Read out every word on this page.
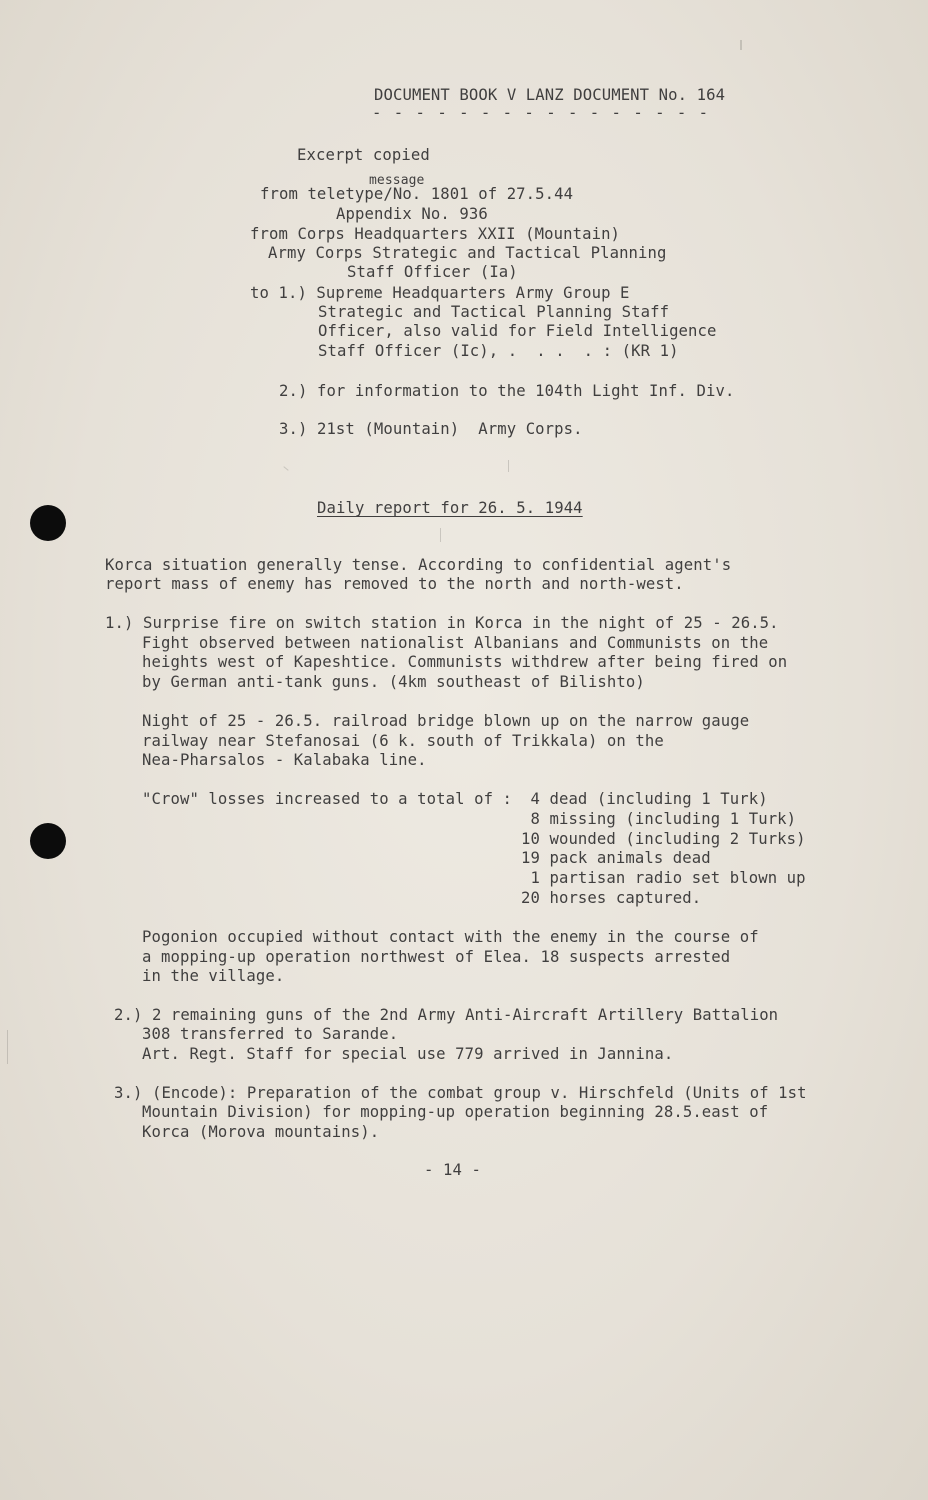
DOCUMENT BOOK V LANZ DOCUMENT No. 164
- - - - - - - - - - - - - - - -
Excerpt copied
message
from teletype/No. 1801 of 27.5.44
Appendix No. 936
from Corps Headquarters XXII (Mountain)
Army Corps Strategic and Tactical Planning
Staff Officer (Ia)
to 1.) Supreme Headquarters Army Group E
Strategic and Tactical Planning Staff
Officer, also valid for Field Intelligence
Staff Officer (Ic), .  . .  . : (KR 1)
2.) for information to the 104th Light Inf. Div.
3.) 21st (Mountain)  Army Corps.
Daily report for 26. 5. 1944
Korca situation generally tense. According to confidential agent's
report mass of enemy has removed to the north and north-west.
1.) Surprise fire on switch station in Korca in the night of 25 - 26.5.
Fight observed between nationalist Albanians and Communists on the
heights west of Kapeshtice. Communists withdrew after being fired on
by German anti-tank guns. (4km southeast of Bilishto)
Night of 25 - 26.5. railroad bridge blown up on the narrow gauge
railway near Stefanosai (6 k. south of Trikkala) on the
Nea-Pharsalos - Kalabaka line.
"Crow" losses increased to a total of : 4 dead (including 1 Turk)
8 missing (including 1 Turk)
10 wounded (including 2 Turks)
19 pack animals dead
1 partisan radio set blown up
20 horses captured.
Pogonion occupied without contact with the enemy in the course of
a mopping-up operation northwest of Elea. 18 suspects arrested
in the village.
2.) 2 remaining guns of the 2nd Army Anti-Aircraft Artillery Battalion
308 transferred to Sarande.
Art. Regt. Staff for special use 779 arrived in Jannina.
3.) (Encode): Preparation of the combat group v. Hirschfeld (Units of 1st
Mountain Division) for mopping-up operation beginning 28.5.east of
Korca (Morova mountains).
- 14 -
